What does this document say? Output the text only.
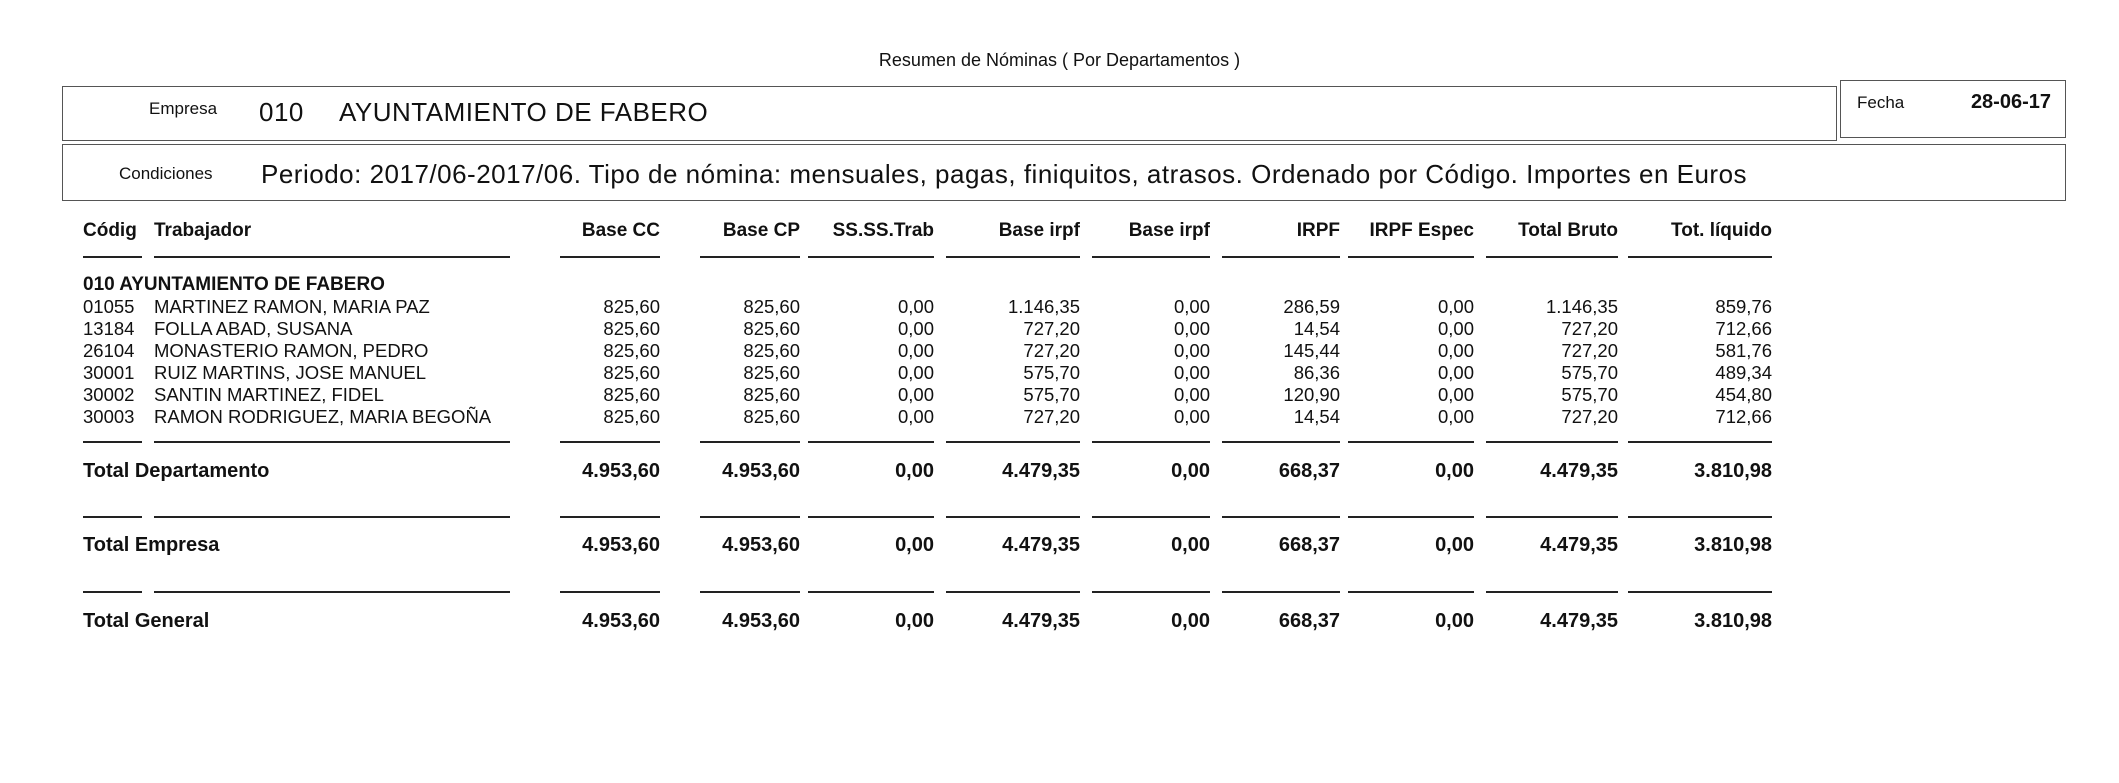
Resumen de Nóminas ( Por Departamentos )
Empresa 010 AYUNTAMIENTO DE FABERO	Fecha	28-06-17
Condiciones Periodo: 2017/06-2017/06. Tipo de nómina: mensuales, pagas, finiquitos, atrasos. Ordenado por Código. Importes en Euros
Códig Trabajador	Base CC	Base CP	SS.SS.Trab	Base irpf	Base irpf	IRPF	IRPF Espec	Total Bruto	Tot. líquido
010 AYUNTAMIENTO DE FABERO
01055 MARTINEZ RAMON, MARIA PAZ	825,60	825,60	0,00	1.146,35	0,00	286,59	0,00	1.146,35	859,76
13184 FOLLA ABAD, SUSANA	825,60	825,60	0,00	727,20	0,00	14,54	0,00	727,20	712,66
26104 MONASTERIO RAMON, PEDRO	825,60	825,60	0,00	727,20	0,00	145,44	0,00	727,20	581,76
30001 RUIZ MARTINS, JOSE MANUEL	825,60	825,60	0,00	575,70	0,00	86,36	0,00	575,70	489,34
30002 SANTIN MARTINEZ, FIDEL	825,60	825,60	0,00	575,70	0,00	120,90	0,00	575,70	454,80
30003 RAMON RODRIGUEZ, MARIA BEGOÑA	825,60	825,60	0,00	727,20	0,00	14,54	0,00	727,20	712,66
Total Departamento	4.953,60	4.953,60	0,00	4.479,35	0,00	668,37	0,00	4.479,35	3.810,98
Total Empresa	4.953,60	4.953,60	0,00	4.479,35	0,00	668,37	0,00	4.479,35	3.810,98
Total General	4.953,60	4.953,60	0,00	4.479,35	0,00	668,37	0,00	4.479,35	3.810,98
